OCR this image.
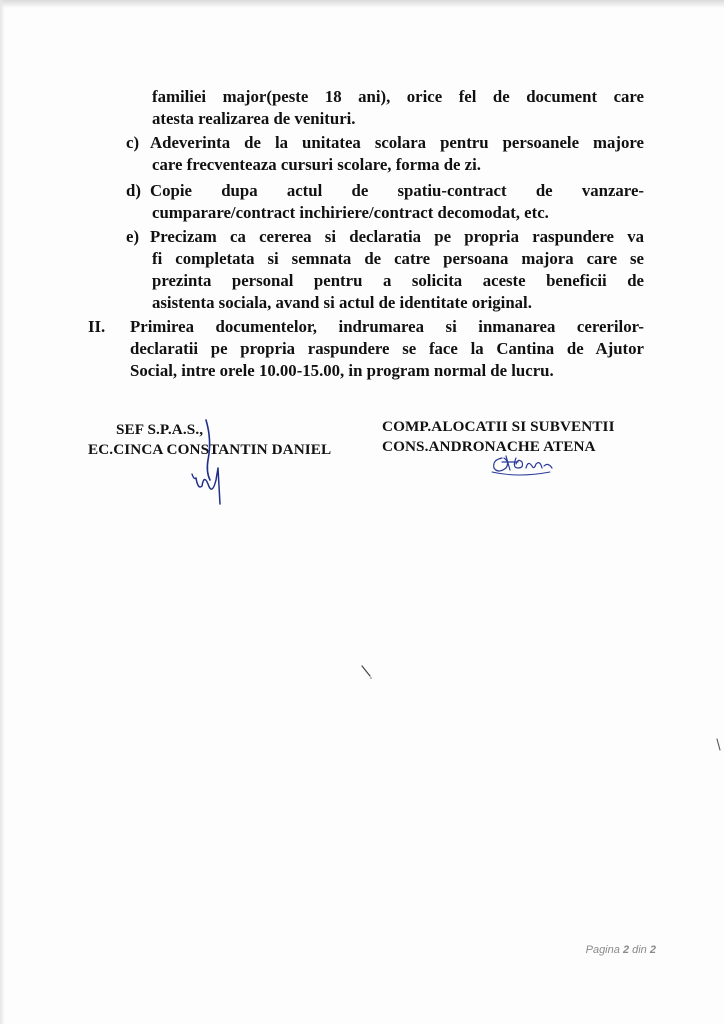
familiei major(peste 18 ani), orice fel de document care
atesta realizarea de venituri.
c) Adeverinta de la unitatea scolara pentru persoanele majore
care frecventeaza cursuri scolare, forma de zi.
d) Copie dupa actul de spatiu-contract de vanzare-
cumparare/contract inchiriere/contract decomodat, etc.
e) Precizam ca cererea si declaratia pe propria raspundere va
fi completata si semnata de catre persoana majora care se
prezinta personal pentru a solicita aceste beneficii de
asistenta sociala, avand si actul de identitate original.
II. Primirea documentelor, indrumarea si inmanarea cererilor-
declaratii pe propria raspundere se face la Cantina de Ajutor
Social, intre orele 10.00-15.00, in program normal de lucru.
SEF S.P.A.S.,
EC.CINCA CONSTANTIN DANIEL
COMP.ALOCATII SI SUBVENTII
CONS.ANDRONACHE ATENA
Pagina 2 din 2
